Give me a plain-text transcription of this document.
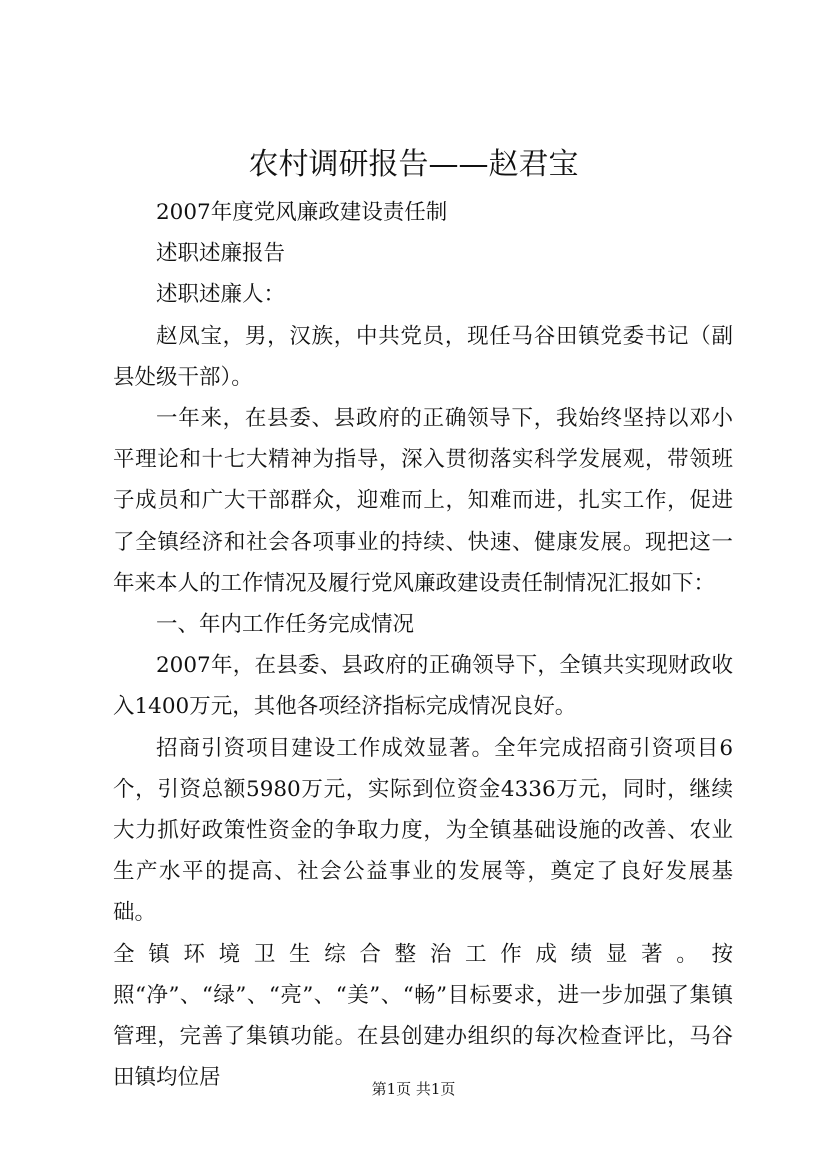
农村调研报告——赵君宝

2007年度党风廉政建设责任制

述职述廉报告

述职述廉人：

赵凤宝，男，汉族，中共党员，现任马谷田镇党委书记（副县处级干部）。

一年来，在县委、县政府的正确领导下，我始终坚持以邓小平理论和十七大精神为指导，深入贯彻落实科学发展观，带领班子成员和广大干部群众，迎难而上，知难而进，扎实工作，促进了全镇经济和社会各项事业的持续、快速、健康发展。现把这一年来本人的工作情况及履行党风廉政建设责任制情况汇报如下：

一、年内工作任务完成情况

2007年，在县委、县政府的正确领导下，全镇共实现财政收入1400万元，其他各项经济指标完成情况良好。

招商引资项目建设工作成效显著。全年完成招商引资项目6个，引资总额5980万元，实际到位资金4336万元，同时，继续大力抓好政策性资金的争取力度，为全镇基础设施的改善、农业生产水平的提高、社会公益事业的发展等，奠定了良好发展基础。

全镇环境卫生综合整治工作成绩显著。按照“净”、“绿”、“亮”、“美”、“畅”目标要求，进一步加强了集镇管理，完善了集镇功能。在县创建办组织的每次检查评比，马谷田镇均位居	第1页 共1页
